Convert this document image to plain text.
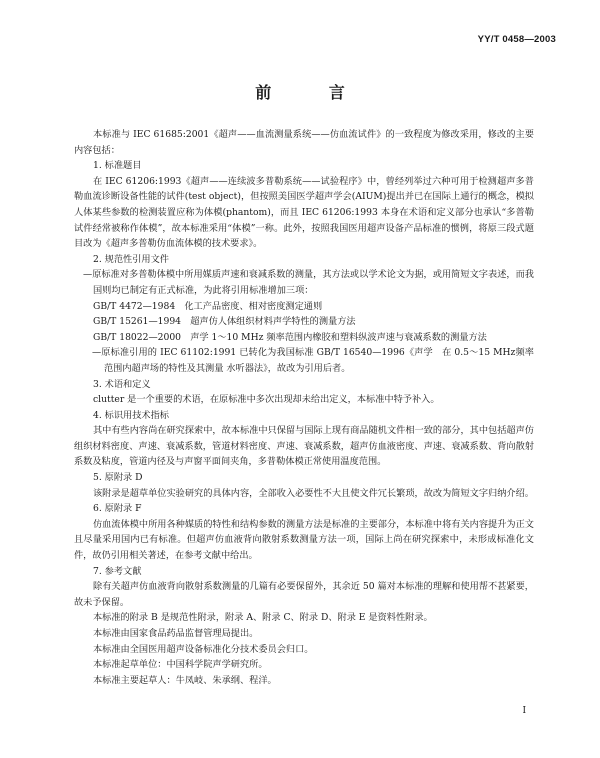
YY/T 0458—2003
前 言

本标准与 IEC 61685:2001《超声——血流测量系统——仿血流试件》的一致程度为修改采用，修改的主要内容包括：

1. 标准题目

在 IEC 61206:1993《超声——连续波多普勒系统——试验程序》中，曾经列举过六种可用于检测超声多普勒血流诊断设备性能的试件(test object)，但按照美国医学超声学会(AIUM)提出并已在国际上通行的概念，模拟人体某些参数的检测装置应称为体模(phantom)，而且 IEC 61206:1993 本身在术语和定义部分也承认“多普勒试件经常被称作体模”，故本标准采用“体模”一称。此外，按照我国医用超声设备产品标准的惯例，将原三段式题目改为《超声多普勒仿血流体模的技术要求》。

2. 规范性引用文件

—原标准对多普勒体模中所用媒质声速和衰减系数的测量，其方法或以学术论文为据，或用简短文字表述，而我国则均已制定有正式标准，为此将引用标准增加三项：

GB/T 4472—1984　化工产品密度、相对密度测定通则

GB/T 15261—1994　超声仿人体组织材料声学特性的测量方法

GB/T 18022—2000　声学 1～10 MHz 频率范围内橡胶和塑料纵波声速与衰减系数的测量方法

—原标准引用的 IEC 61102:1991 已转化为我国标准 GB/T 16540—1996《声学　在 0.5～15 MHz频率范围内超声场的特性及其测量 水听器法》，故改为引用后者。

3. 术语和定义

clutter 是一个重要的术语，在原标准中多次出现却未给出定义，本标准中特予补入。

4. 标识用技术指标

其中有些内容尚在研究探索中，故本标准中只保留与国际上现有商品随机文件相一致的部分，其中包括超声仿组织材料密度、声速、衰减系数，管道材料密度、声速、衰减系数，超声仿血液密度、声速、衰减系数、背向散射系数及粘度，管道内径及与声窗平面间夹角，多普勒体模正常使用温度范围。

5. 原附录 D

该附录是超草单位实验研究的具体内容，全部收入必要性不大且使文件冗长繁琐，故改为简短文字归纳介绍。

6. 原附录 F

仿血流体模中所用各种媒质的特性和结构参数的测量方法是标准的主要部分，本标准中将有关内容提升为正文且尽量采用国内已有标准。但超声仿血液背向散射系数测量方法一项，国际上尚在研究探索中，未形成标准化文件，故仍引用相关著述，在参考文献中给出。

7. 参考文献

除有关超声仿血液背向散射系数测量的几篇有必要保留外，其余近 50 篇对本标准的理解和使用帮不甚紧要，故未予保留。

本标准的附录 B 是规范性附录，附录 A、附录 C、附录 D、附录 E 是资料性附录。

本标准由国家食品药品监督管理局提出。

本标准由全国医用超声设备标准化分技术委员会归口。

本标准起草单位：中国科学院声学研究所。

本标准主要起草人：牛凤岐、朱承纲、程洋。

I
